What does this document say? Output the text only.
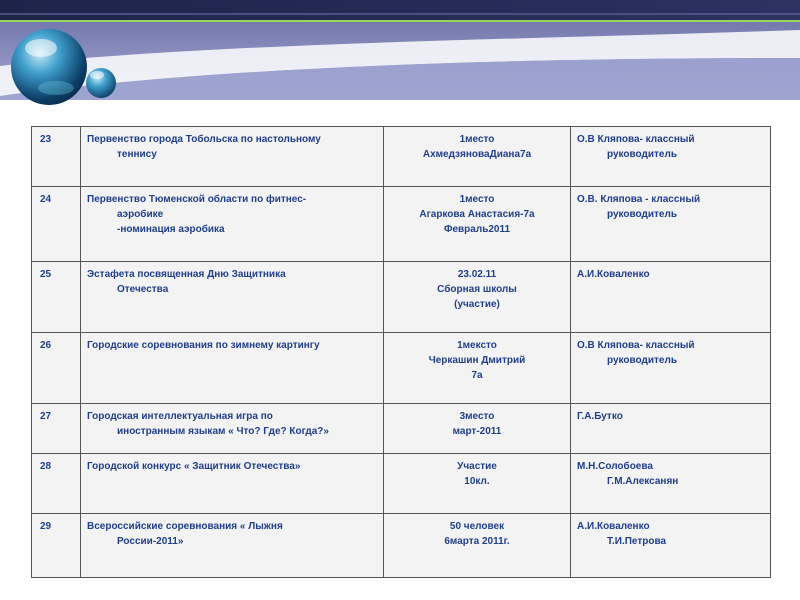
23	Первенство города Тобольска по настольному
теннису	1место
АхмедзяноваДиана7а	О.В Кляпова- классный
руководитель

24	Первенство Тюменской области по фитнес-
аэробике
-номинация аэробика	1место
Агаркова Анастасия-7а
Февраль2011	О.В. Кляпова - классный
руководитель

25	Эстафета посвященная Дню Защитника
Отечества	23.02.11
Сборная школы
(участие)	А.И.Коваленко

26	Городские соревнования по зимнему картингу	1мексто
Черкашин Дмитрий
7а	О.В Кляпова- классный
руководитель

27	Городская интеллектуальная игра по
иностранным языкам « Что? Где? Когда?»	3место
март-2011	Г.А.Бутко

28	Городской конкурс « Защитник Отечества»	Участие
10кл.	М.Н.Солобоева
Г.М.Алексанян

29	Всероссийские соревнования « Лыжня
России-2011»	50 человек
6марта 2011г.	А.И.Коваленко
Т.И.Петрова
